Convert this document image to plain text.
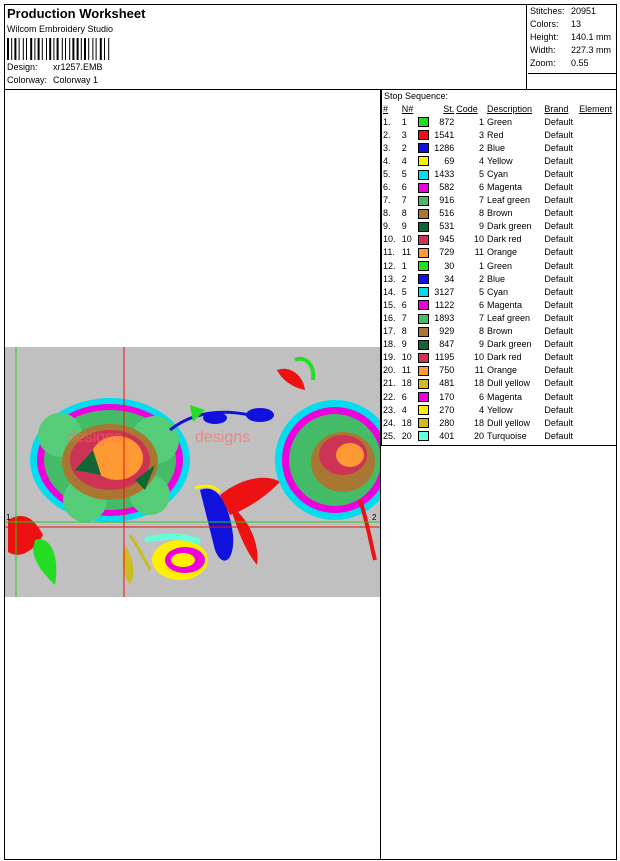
Production Worksheet
Wilcom Embroidery Studio
Design: xr1257.EMB
Colorway: Colorway 1
Stitches: 20951
Colors: 13
Height: 140.1 mm
Width: 227.3 mm
Zoom: 0.55
designs	designs
1	2
Stop Sequence:
#	N#		St.	Code	Description	Brand	Element
1.	1		872	1	Green	Default	
2.	3		1541	3	Red	Default	
3.	2		1286	2	Blue	Default	
4.	4		69	4	Yellow	Default	
5.	5		1433	5	Cyan	Default	
6.	6		582	6	Magenta	Default	
7.	7		916	7	Leaf green	Default	
8.	8		516	8	Brown	Default	
9.	9		531	9	Dark green	Default	
10.	10		945	10	Dark red	Default	
11.	11		729	11	Orange	Default	
12.	1		30	1	Green	Default	
13.	2		34	2	Blue	Default	
14.	5		3127	5	Cyan	Default	
15.	6		1122	6	Magenta	Default	
16.	7		1893	7	Leaf green	Default	
17.	8		929	8	Brown	Default	
18.	9		847	9	Dark green	Default	
19.	10		1195	10	Dark red	Default	
20.	11		750	11	Orange	Default	
21.	18		481	18	Dull yellow	Default	
22.	6		170	6	Magenta	Default	
23.	4		270	4	Yellow	Default	
24.	18		280	18	Dull yellow	Default	
25.	20		401	20	Turquoise	Default	
